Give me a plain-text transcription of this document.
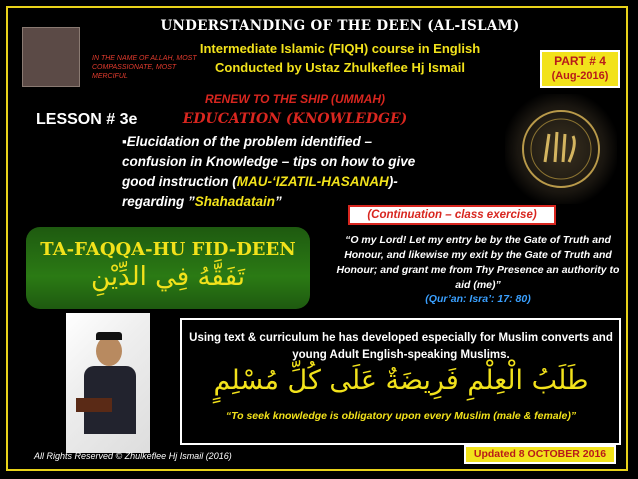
IN THE NAME OF ALLAH, MOST COMPASSIONATE, MOST MERCIFUL
UNDERSTANDING OF THE DEEN (AL-ISLAM)
Intermediate Islamic (FIQH) course in English
Conducted by Ustaz Zhulkeflee Hj Ismail	PART # 4
(Aug-2016)
RENEW TO THE SHIP (UMMAH)
LESSON # 3e	EDUCATION (KNOWLEDGE)
▪Elucidation of the problem identified – confusion in Knowledge – tips on how to give good instruction (MAU-‘IZATIL-HASANAH)- regarding ”Shahadatain”
(Continuation – class exercise)
TA-FAQQA-HU FID-DEEN
تَفَقَّهُ فِي الدِّيْنِ
“O my Lord! Let my entry be by the Gate of Truth and Honour, and likewise my exit by the Gate of Truth and Honour; and grant me from Thy Presence an authority to aid (me)”
(Qur’an: Isra’: 17: 80)
Using text & curriculum he has developed especially for Muslim converts and young Adult English-speaking Muslims.
طَلَبُ الْعِلْمِ فَرِيضَةٌ عَلَى كُلِّ مُسْلِمٍ
“To seek knowledge is obligatory upon every Muslim (male & female)”
All Rights Reserved © Zhulkeflee Hj Ismail (2016)	Updated 8 OCTOBER 2016
